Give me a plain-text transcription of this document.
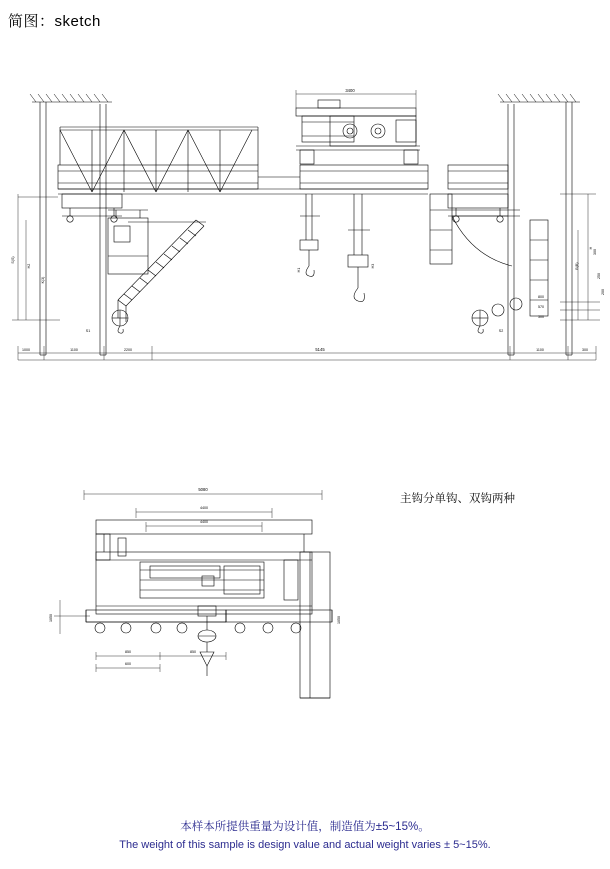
简图：sketch
3400
S(S)
H2
H1
H
H3
K(3)
B(B)
300
250
200
800
570
300
S2
S1
1000	1100	2200	5145	1100	300
主钩分单钩、双钩两种
5080
4400
4400
1050
850	850
600
1050

本样本所提供重量为设计值，制造值为±5~15%。

The weight of this sample is design value and actual weight varies ± 5~15%.
